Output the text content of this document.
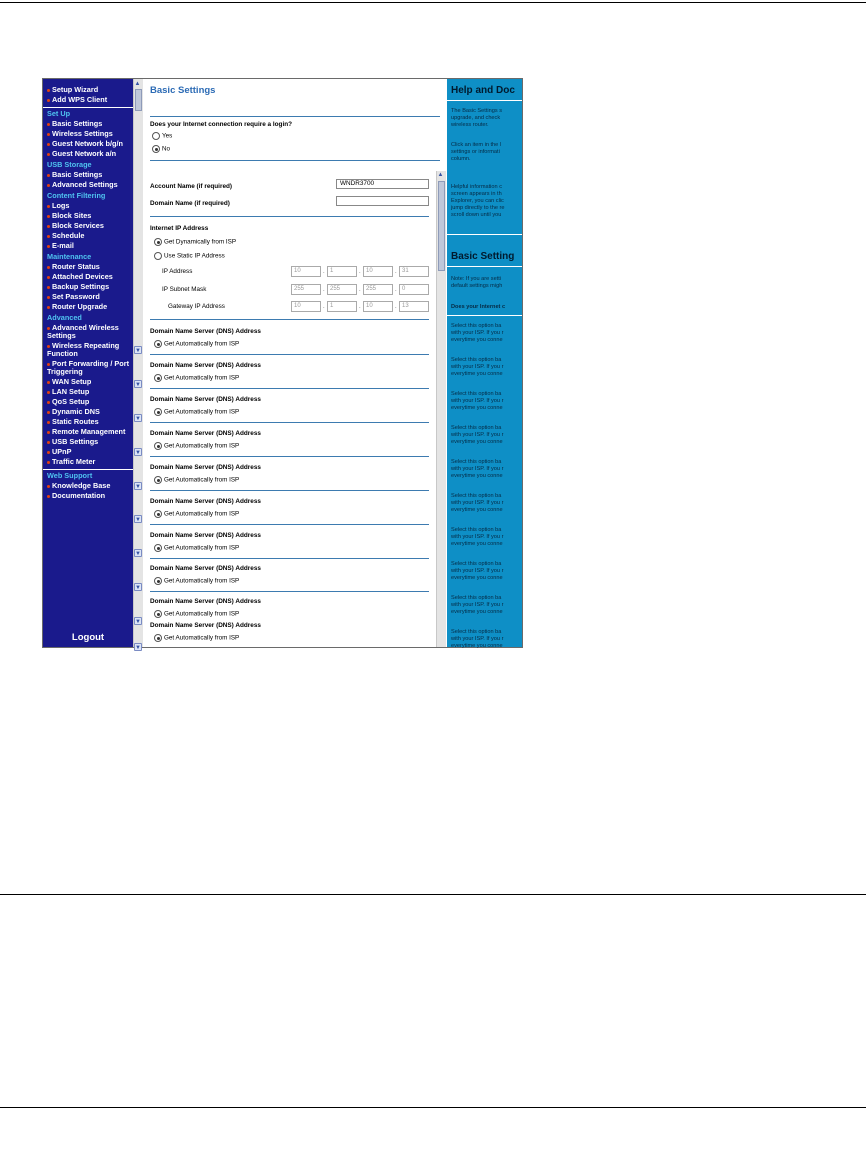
Setup Wizard
Add WPS Client
Set Up
Basic Settings
Wireless Settings
Guest Network b/g/n
Guest Network a/n
USB Storage
Basic Settings
Advanced Settings
Content Filtering
Logs
Block Sites
Block Services
Schedule
E-mail
Maintenance
Router Status
Attached Devices
Backup Settings
Set Password
Router Upgrade
Advanced
Advanced Wireless Settings
Wireless Repeating Function
Port Forwarding / Port Triggering
WAN Setup
LAN Setup
QoS Setup
Dynamic DNS
Static Routes
Remote Management
USB Settings
UPnP
Traffic Meter
Web Support
Knowledge Base
Documentation
Logout
▲
Basic Settings
Does your Internet connection require a login?
Yes
No
Account Name (if required)	WNDR3700
Domain Name (if required)
Internet IP Address
Get Dynamically from ISP
Use Static IP Address
IP Address	10	. 1	. 10	. 31
IP Subnet Mask	255	. 255	. 255	. 0
Gateway IP Address	10	. 1	. 10	. 13
Domain Name Server (DNS) Address
Get Automatically from ISP
Domain Name Server (DNS) Address
Get Automatically from ISP
Domain Name Server (DNS) Address
Get Automatically from ISP
Domain Name Server (DNS) Address
Get Automatically from ISP
Domain Name Server (DNS) Address
Get Automatically from ISP
Domain Name Server (DNS) Address
Get Automatically from ISP
Domain Name Server (DNS) Address
Get Automatically from ISP
Domain Name Server (DNS) Address
Get Automatically from ISP
Domain Name Server (DNS) Address
Get Automatically from ISP
Domain Name Server (DNS) Address
Get Automatically from ISP
▲
Help and Doc
The Basic Settings s
upgrade, and check
wireless router.
Click an item in the l
settings or informati
column.
Helpful information c
screen appears in th
Explorer, you can clic
jump directly to the re
scroll down until you
Basic Setting
Note: If you are setti
default settings migh
Does your Internet c
Select this option ba
with your ISP. If you r
everytime you conne
Select this option ba
with your ISP. If you r
everytime you conne
Select this option ba
with your ISP. If you r
everytime you conne
Select this option ba
with your ISP. If you r
everytime you conne
Select this option ba
with your ISP. If you r
everytime you conne
Select this option ba
with your ISP. If you r
everytime you conne
Select this option ba
with your ISP. If you r
everytime you conne
Select this option ba
with your ISP. If you r
everytime you conne
Select this option ba
with your ISP. If you r
everytime you conne
Select this option ba
with your ISP. If you r
everytime you conne
▼
▼
▼
▼
▼
▼
▼
▼
▼
▼
